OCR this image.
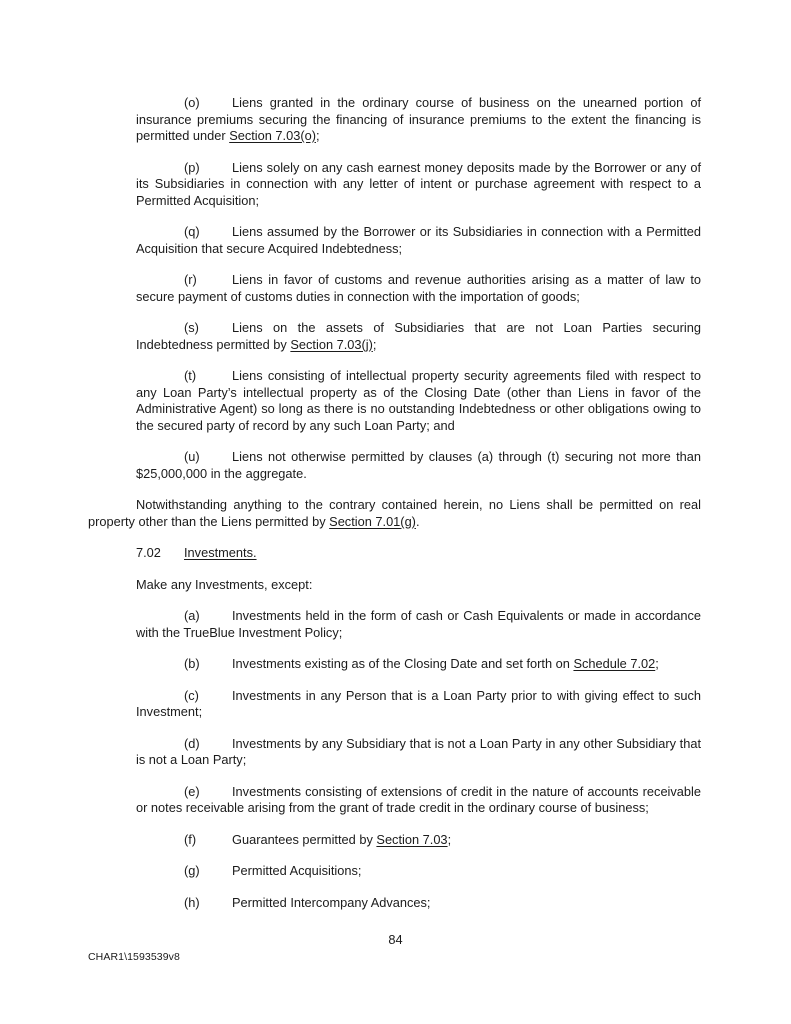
(o)	Liens granted in the ordinary course of business on the unearned portion of insurance premiums securing the financing of insurance premiums to the extent the financing is permitted under Section 7.03(o);

(p)	Liens solely on any cash earnest money deposits made by the Borrower or any of its Subsidiaries in connection with any letter of intent or purchase agreement with respect to a Permitted Acquisition;

(q)	Liens assumed by the Borrower or its Subsidiaries in connection with a Permitted Acquisition that secure Acquired Indebtedness;

(r)	Liens in favor of customs and revenue authorities arising as a matter of law to secure payment of customs duties in connection with the importation of goods;

(s)	Liens on the assets of Subsidiaries that are not Loan Parties securing Indebtedness permitted by Section 7.03(j);

(t)	Liens consisting of intellectual property security agreements filed with respect to any Loan Party’s intellectual property as of the Closing Date (other than Liens in favor of the Administrative Agent) so long as there is no outstanding Indebtedness or other obligations owing to the secured party of record by any such Loan Party; and

(u)	Liens not otherwise permitted by clauses (a) through (t) securing not more than $25,000,000 in the aggregate.

Notwithstanding anything to the contrary contained herein, no Liens shall be permitted on real property other than the Liens permitted by Section 7.01(g).

7.02 Investments.

Make any Investments, except:

(a)	Investments held in the form of cash or Cash Equivalents or made in accordance with the TrueBlue Investment Policy;

(b)	Investments existing as of the Closing Date and set forth on Schedule 7.02;

(c)	Investments in any Person that is a Loan Party prior to with giving effect to such Investment;

(d)	Investments by any Subsidiary that is not a Loan Party in any other Subsidiary that is not a Loan Party;

(e)	Investments consisting of extensions of credit in the nature of accounts receivable or notes receivable arising from the grant of trade credit in the ordinary course of business;

(f)	Guarantees permitted by Section 7.03;

(g)	Permitted Acquisitions;

(h)	Permitted Intercompany Advances;

84
CHAR1\1593539v8
